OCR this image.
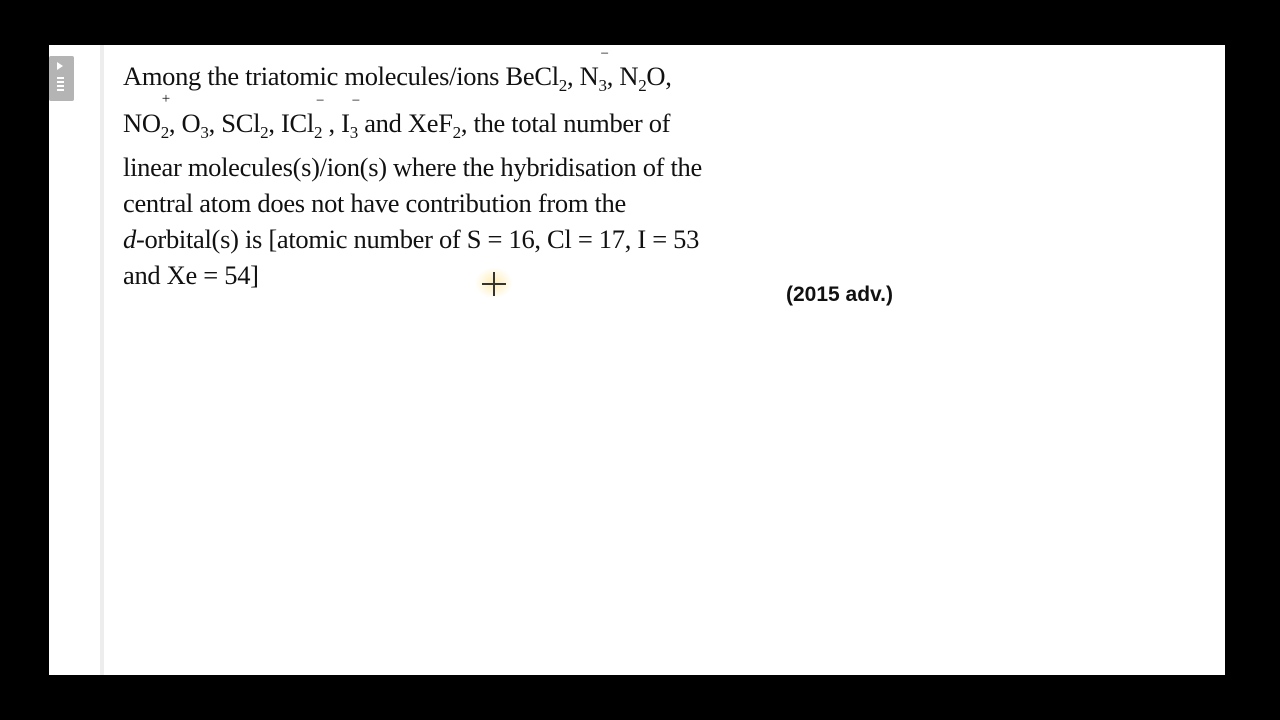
Among the triatomic molecules/ions BeCl$_2$, $N_3$
−
, $N_2O$,
$NO_2$
+
, $O_3$, SCl$_2$, ICl$_2$
−
, $I_3$
−
and XeF$_2$, the total number of
linear molecules(s)/ion(s) where the hybridisation of the
central atom does not have contribution from the
d-orbital(s) is [atomic number of S = 16, Cl = 17, I = 53
and Xe = 54]
(2015 adv.)
